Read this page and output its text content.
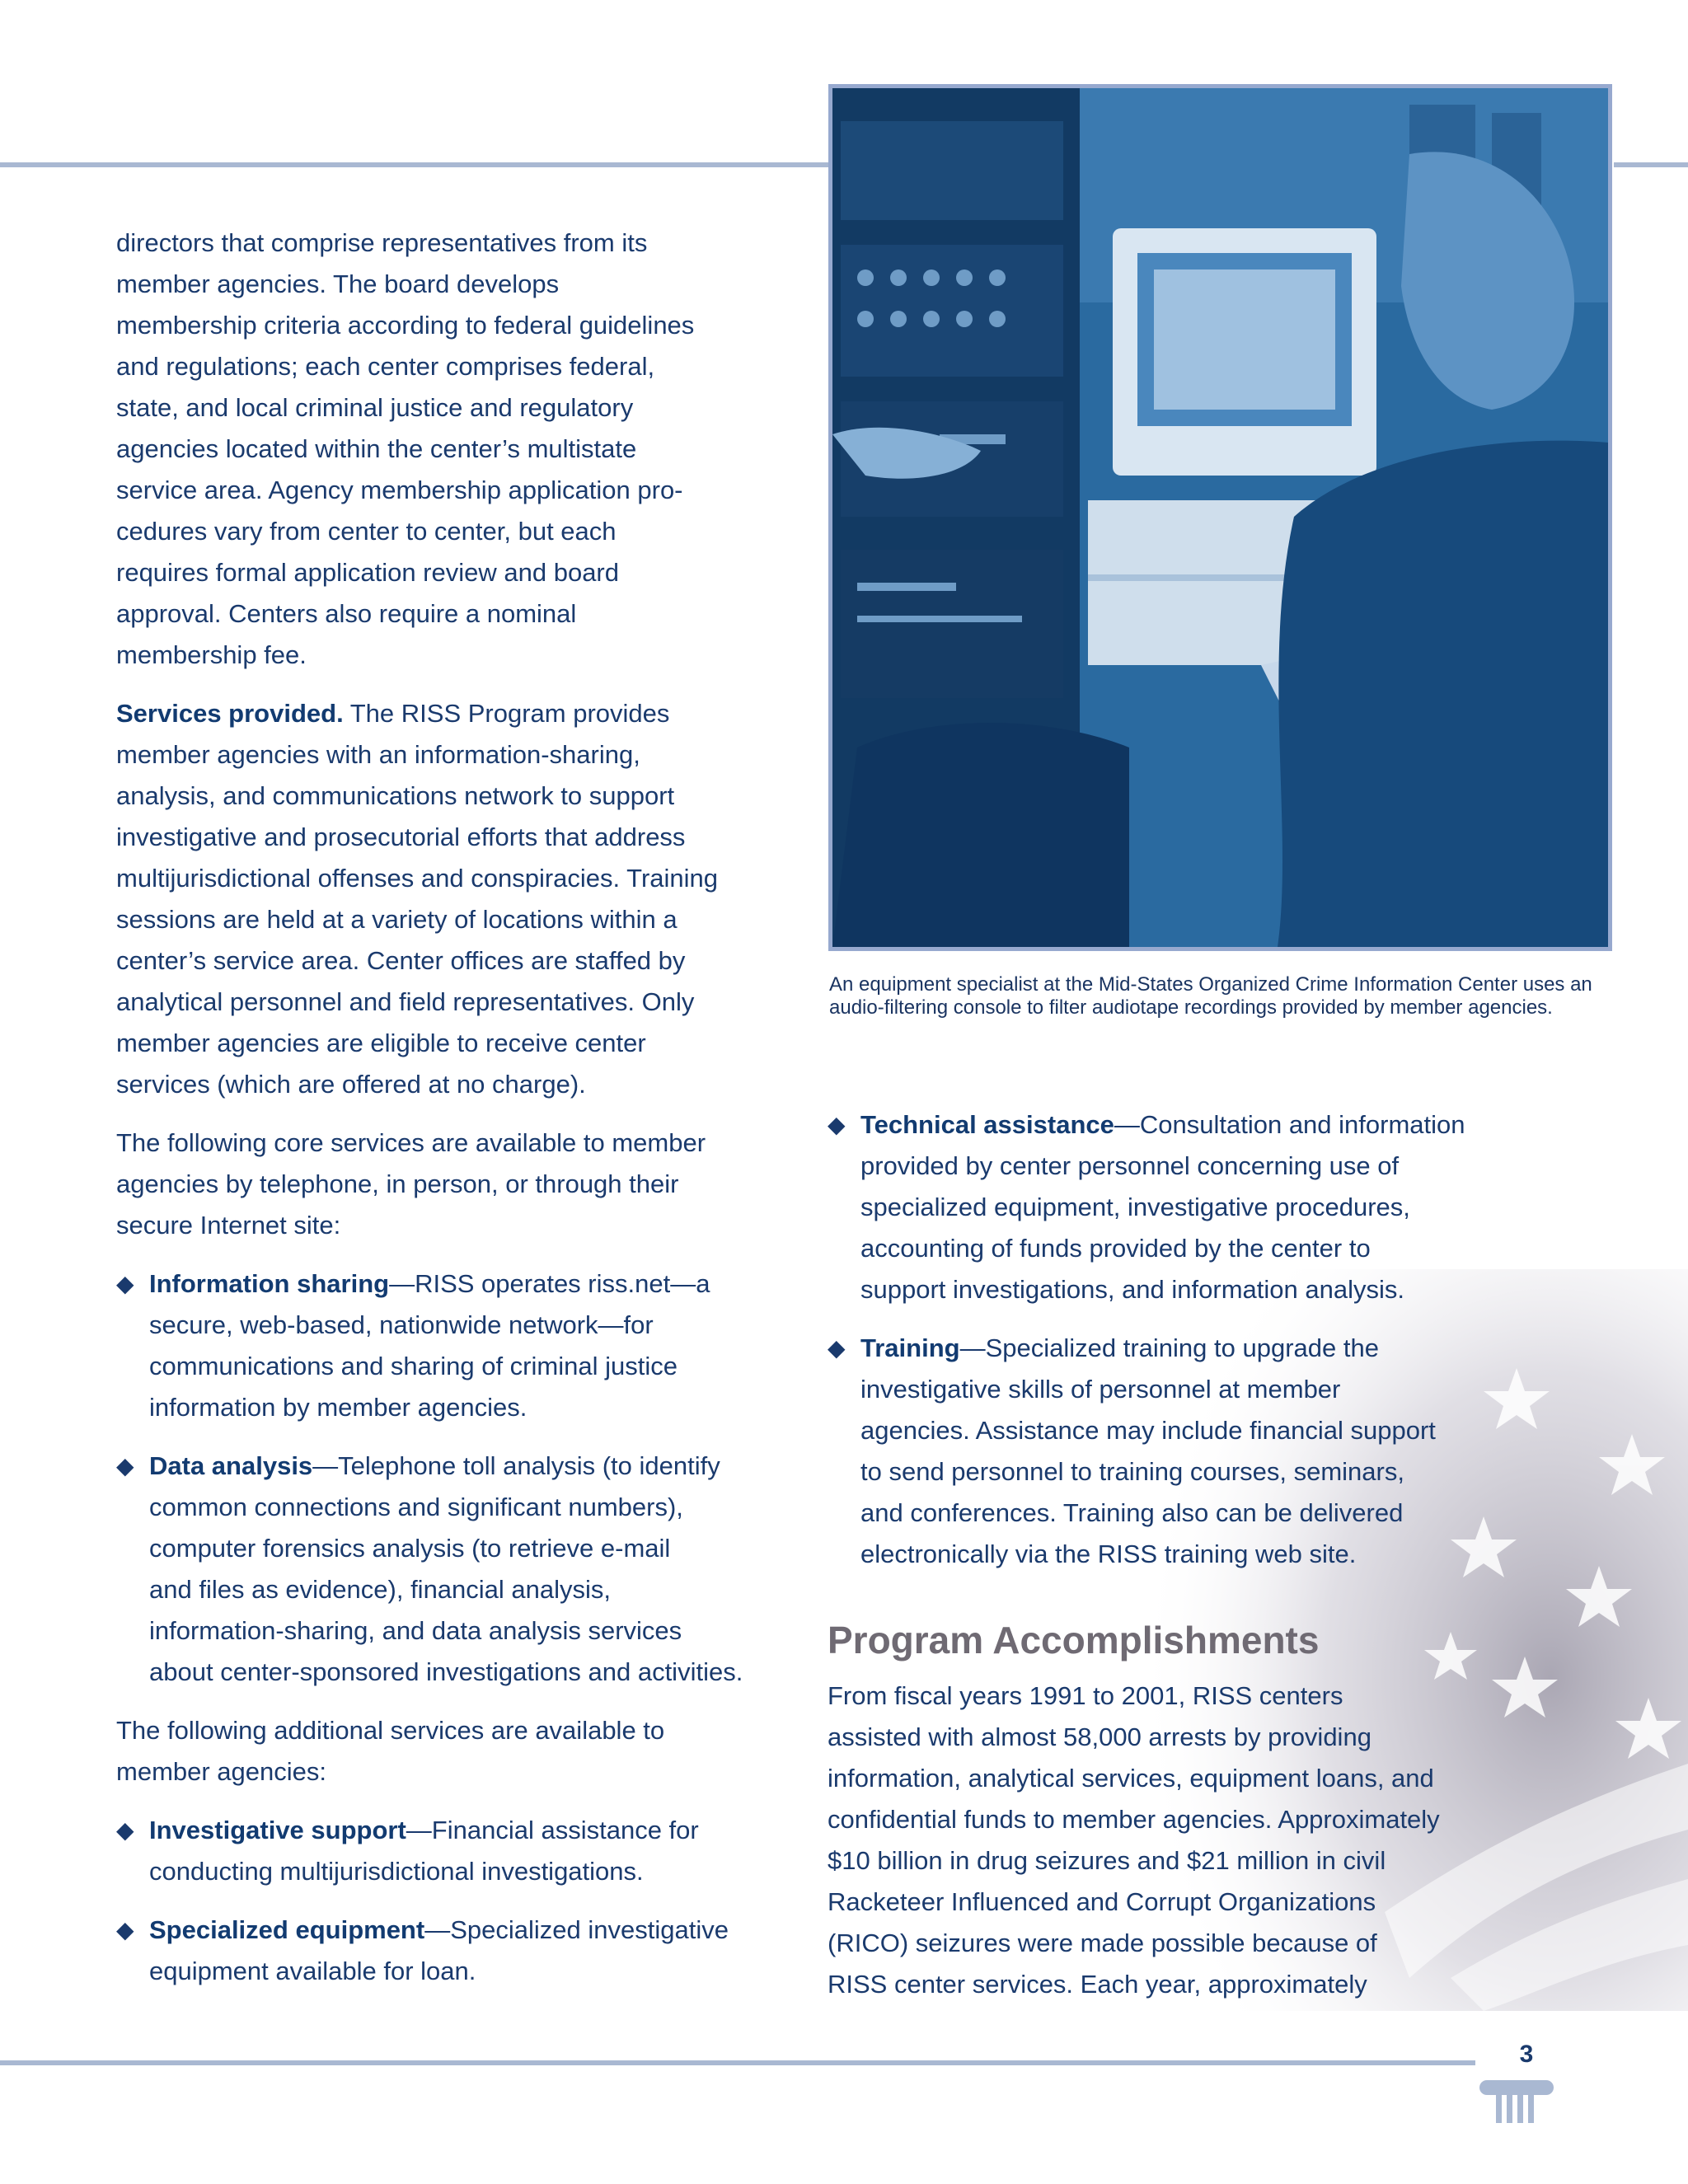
An equipment specialist at the Mid-States Organized Crime Information Center uses an audio-filtering console to filter audiotape recordings provided by member agencies.

directors that comprise representatives from its
member agencies. The board develops
membership criteria according to federal guidelines
and regulations; each center comprises federal,
state, and local criminal justice and regulatory
agencies located within the center’s multistate
service area. Agency membership application pro-
cedures vary from center to center, but each
requires formal application review and board
approval. Centers also require a nominal
membership fee.

Services provided. The RISS Program provides
member agencies with an information-sharing,
analysis, and communications network to support
investigative and prosecutorial efforts that address
multijurisdictional offenses and conspiracies. Training
sessions are held at a variety of locations within a
center’s service area. Center offices are staffed by
analytical personnel and field representatives. Only
member agencies are eligible to receive center
services (which are offered at no charge).

The following core services are available to member
agencies by telephone, in person, or through their
secure Internet site:

◆ Information sharing—RISS operates riss.net—a
secure, web-based, nationwide network—for
communications and sharing of criminal justice
information by member agencies.
◆ Data analysis—Telephone toll analysis (to identify
common connections and significant numbers),
computer forensics analysis (to retrieve e-mail
and files as evidence), financial analysis,
information-sharing, and data analysis services
about center-sponsored investigations and activities.

The following additional services are available to
member agencies:

◆ Investigative support—Financial assistance for
conducting multijurisdictional investigations.
◆ Specialized equipment—Specialized investigative
equipment available for loan.
◆ Technical assistance—Consultation and information
provided by center personnel concerning use of
specialized equipment, investigative procedures,
accounting of funds provided by the center to
support investigations, and information analysis.
◆ Training—Specialized training to upgrade the
investigative skills of personnel at member
agencies. Assistance may include financial support
to send personnel to training courses, seminars,
and conferences. Training also can be delivered
electronically via the RISS training web site.
Program Accomplishments

From fiscal years 1991 to 2001, RISS centers
assisted with almost 58,000 arrests by providing
information, analytical services, equipment loans, and
confidential funds to member agencies. Approximately
$10 billion in drug seizures and $21 million in civil
Racketeer Influenced and Corrupt Organizations
(RICO) seizures were made possible because of
RISS center services. Each year, approximately

3
